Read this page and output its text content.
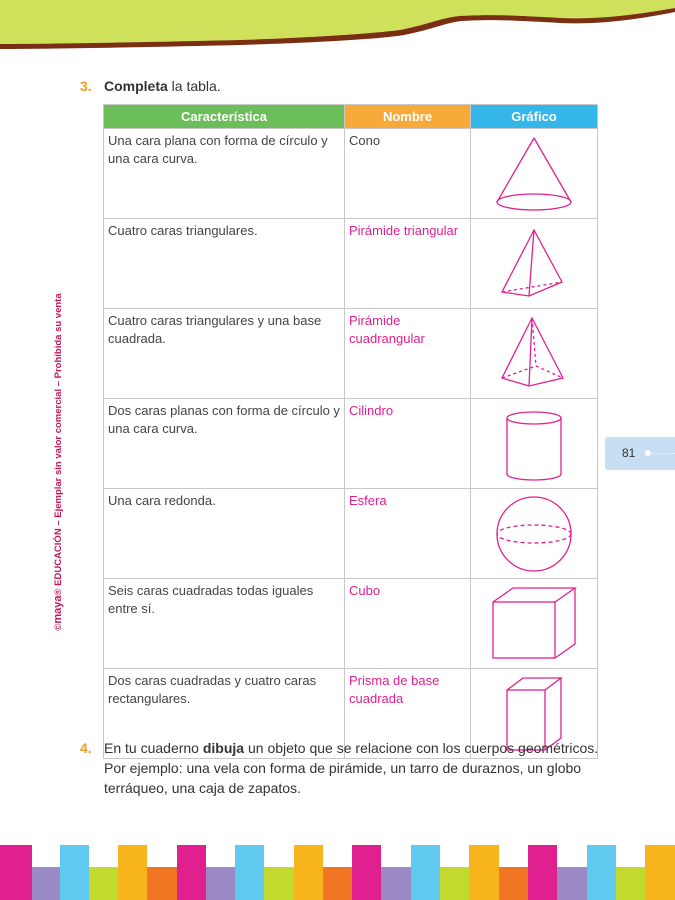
©maya® EDUCACIÓN – Ejemplar sin valor comercial – Prohibida su venta	81
3. Completa la tabla.
Característica	Nombre	Gráfico
Una cara plana con forma de círculo y una cara curva.	Cono	

Cuatro caras triangulares.	Pirámide triangular	

Cuatro caras triangulares y una base cuadrada.	Pirámide cuadrangular	

Dos caras planas con forma de círculo y una cara curva.	Cilindro	

Una cara redonda.	Esfera	

Seis caras cuadradas todas iguales entre sí.	Cubo	

Dos caras cuadradas y cuatro caras rectangulares.	Prisma de base cuadrada	
4. En tu cuaderno dibuja un objeto que se relacione con los cuerpos geométricos. Por ejemplo: una vela con forma de pirámide, un tarro de duraznos, un globo terráqueo, una caja de zapatos.
